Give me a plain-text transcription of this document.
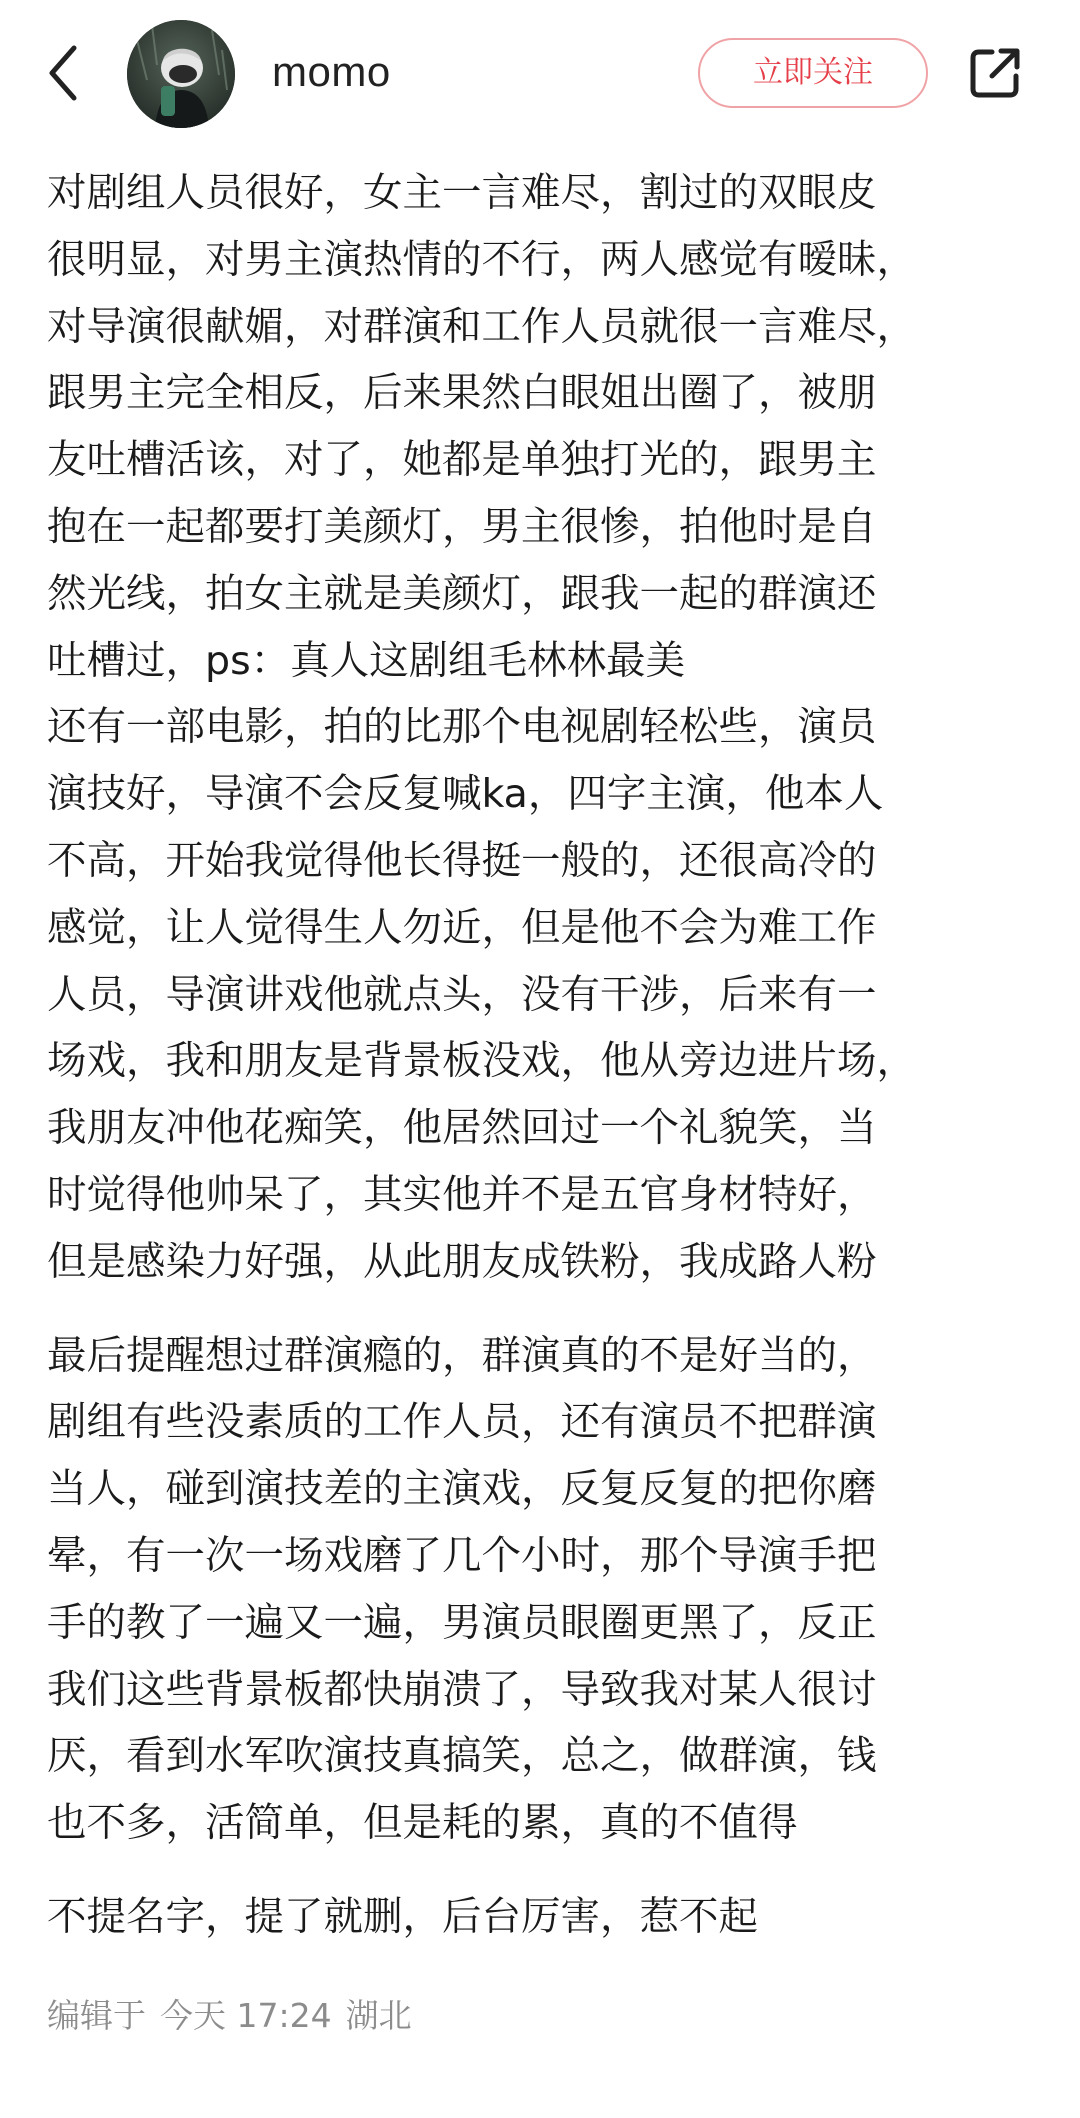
momo	立即关注
对剧组人员很好，女主一言难尽，割过的双眼皮
很明显，对男主演热情的不行，两人感觉有暧昧，
对导演很献媚，对群演和工作人员就很一言难尽，
跟男主完全相反，后来果然白眼姐出圈了，被朋
友吐槽活该，对了，她都是单独打光的，跟男主
抱在一起都要打美颜灯，男主很惨，拍他时是自
然光线，拍女主就是美颜灯，跟我一起的群演还
吐槽过，ps：真人这剧组毛林林最美
还有一部电影，拍的比那个电视剧轻松些，演员
演技好，导演不会反复喊ka，四字主演，他本人
不高，开始我觉得他长得挺一般的，还很高冷的
感觉，让人觉得生人勿近，但是他不会为难工作
人员，导演讲戏他就点头，没有干涉，后来有一
场戏，我和朋友是背景板没戏，他从旁边进片场，
我朋友冲他花痴笑，他居然回过一个礼貌笑，当
时觉得他帅呆了，其实他并不是五官身材特好，
但是感染力好强，从此朋友成铁粉，我成路人粉
最后提醒想过群演瘾的，群演真的不是好当的，
剧组有些没素质的工作人员，还有演员不把群演
当人，碰到演技差的主演戏，反复反复的把你磨
晕，有一次一场戏磨了几个小时，那个导演手把
手的教了一遍又一遍，男演员眼圈更黑了，反正
我们这些背景板都快崩溃了，导致我对某人很讨
厌，看到水军吹演技真搞笑，总之，做群演，钱
也不多，活简单，但是耗的累，真的不值得
不提名字，提了就删，后台厉害，惹不起
编辑于 今天 17:24 湖北
